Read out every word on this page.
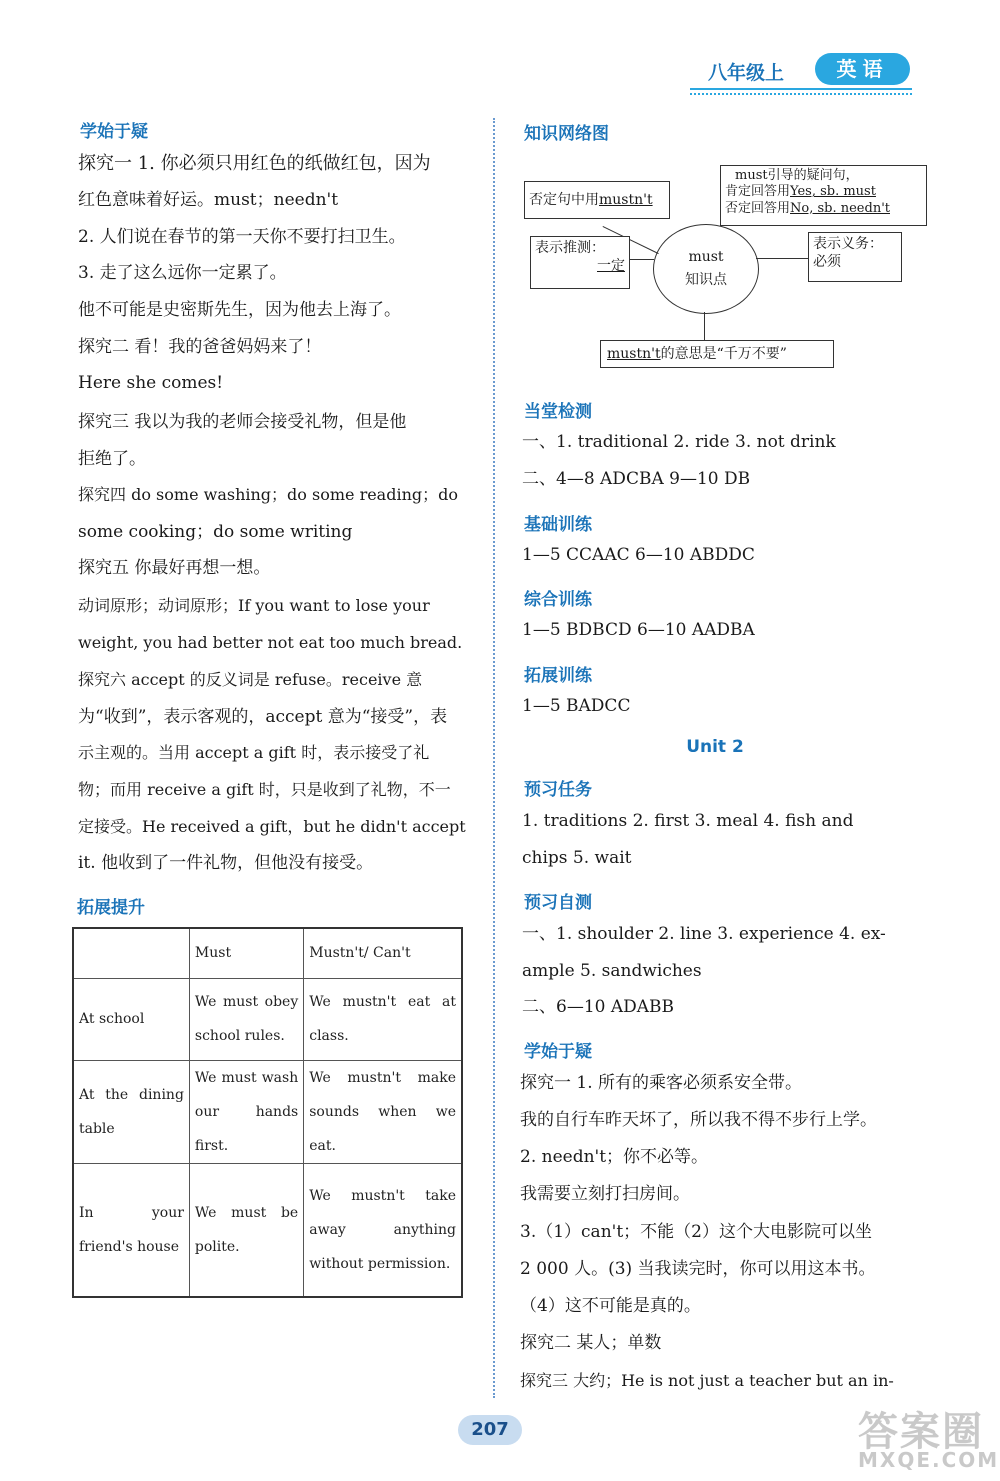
八年级上	英语
学始于疑
探究一 1. 你必须只用红色的纸做红包，因为
红色意味着好运。must；needn't
2. 人们说在春节的第一天你不要打扫卫生。
3. 走了这么远你一定累了。
他不可能是史密斯先生，因为他去上海了。
探究二 看！我的爸爸妈妈来了！
Here she comes!
探究三 我以为我的老师会接受礼物，但是他
拒绝了。
探究四 do some washing；do some reading；do
some cooking；do some writing
探究五 你最好再想一想。
动词原形；动词原形；If you want to lose your
weight, you had better not eat too much bread.
探究六 accept 的反义词是 refuse。receive 意
为“收到”，表示客观的，accept 意为“接受”，表
示主观的。当用 accept a gift 时，表示接受了礼
物；而用 receive a gift 时，只是收到了礼物，不一
定接受。He received a gift，but he didn't accept
it. 他收到了一件礼物，但他没有接受。
拓展提升
	Must	Mustn't/ Can't
At school	We must obey school rules.	We mustn't eat at class.
At the dining table	We must wash our hands first.	We mustn't make sounds when we eat.
In your friend's house	We must be polite.	We mustn't take away anything without permission.
知识网络图
否定句中用mustn't
must引导的疑问句，
肯定回答用Yes, sb. must
否定回答用No, sb. needn't
表示推测：
一定
must
知识点
表示义务：
必须
mustn't的意思是“千万不要”
当堂检测
一、1. traditional 2. ride 3. not drink
二、4—8 ADCBA 9—10 DB
基础训练
1—5 CCAAC 6—10 ABDDC
综合训练
1—5 BDBCD 6—10 AADBA
拓展训练
1—5 BADCC
Unit 2
预习任务
1. traditions 2. first 3. meal 4. fish and
chips 5. wait
预习自测
一、1. shoulder 2. line 3. experience 4. ex-
ample 5. sandwiches
二、6—10 ADABB
学始于疑
探究一 1. 所有的乘客必须系安全带。
我的自行车昨天坏了，所以我不得不步行上学。
2. needn't；你不必等。
我需要立刻打扫房间。
3.（1）can't；不能（2）这个大电影院可以坐
2 000 人。(3) 当我读完时，你可以用这本书。
（4）这不可能是真的。
探究二 某人；单数
探究三 大约；He is not just a teacher but an in-
207	答案圈
MXQE.COM
